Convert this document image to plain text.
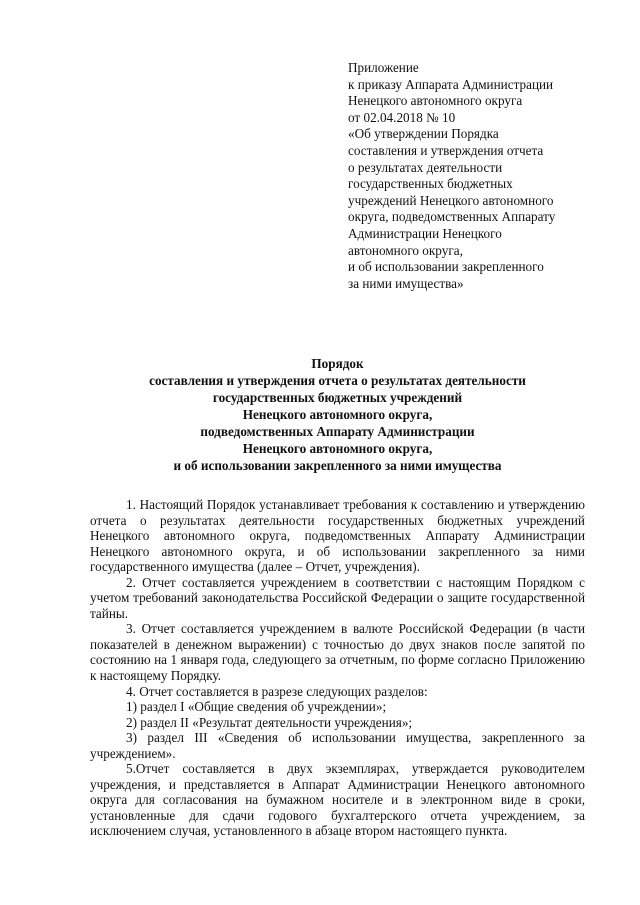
Приложение
к приказу Аппарата Администрации
Ненецкого автономного округа
от 02.04.2018 № 10
«Об утверждении Порядка
составления и утверждения отчета
о результатах деятельности
государственных бюджетных
учреждений Ненецкого автономного
округа, подведомственных Аппарату
Администрации Ненецкого
автономного округа,
и об использовании закрепленного
за ними имущества»
Порядок
составления и утверждения отчета о результатах деятельности
государственных бюджетных учреждений
Ненецкого автономного округа,
подведомственных Аппарату Администрации
Ненецкого автономного округа,
и об использовании закрепленного за ними имущества

1. Настоящий Порядок устанавливает требования к составлению и утверждению отчета о результатах деятельности государственных бюджетных учреждений Ненецкого автономного округа, подведомственных Аппарату Администрации Ненецкого автономного округа, и об использовании закрепленного за ними государственного имущества (далее – Отчет, учреждения).

2. Отчет составляется учреждением в соответствии с настоящим Порядком с учетом требований законодательства Российской Федерации о защите государственной тайны.

3. Отчет составляется учреждением в валюте Российской Федерации (в части показателей в денежном выражении) с точностью до двух знаков после запятой по состоянию на 1 января года, следующего за отчетным, по форме согласно Приложению к настоящему Порядку.

4. Отчет составляется в разрезе следующих разделов:

1) раздел I «Общие сведения об учреждении»;

2) раздел II «Результат деятельности учреждения»;

3) раздел III «Сведения об использовании имущества, закрепленного за учреждением».

5.Отчет составляется в двух экземплярах, утверждается руководителем учреждения, и представляется в Аппарат Администрации Ненецкого автономного округа для согласования на бумажном носителе и в электронном виде в сроки, установленные для сдачи годового бухгалтерского отчета учреждением, за исключением случая, установленного в абзаце втором настоящего пункта.
